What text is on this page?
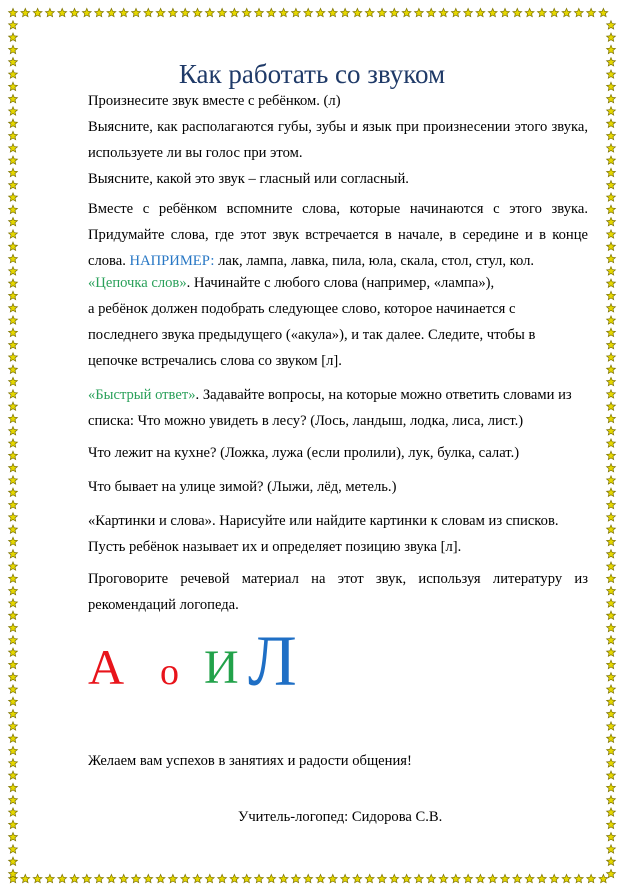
Как работать со звуком
Произнесите звук вместе с ребёнком. (л)
Выясните, как располагаются губы, зубы и язык при произнесении этого звука, используете ли вы голос при этом.
Выясните, какой это звук – гласный или согласный.
Вместе с ребёнком вспомните слова, которые начинаются с этого звука. Придумайте слова, где этот звук встречается в начале, в середине и в конце слова. НАПРИМЕР: лак, лампа, лавка, пила, юла, скала, стол, стул, кол.
«Цепочка слов». Начинайте с любого слова (например, «лампа»),
а ребёнок должен подобрать следующее слово, которое начинается с последнего звука предыдущего («акула»), и так далее. Следите, чтобы в цепочке встречались слова со звуком [л].
«Быстрый ответ». Задавайте вопросы, на которые можно ответить словами из списка: Что можно увидеть в лесу? (Лось, ландыш, лодка, лиса, лист.)
Что лежит на кухне? (Ложка, лужа (если пролили), лук, булка, салат.)
Что бывает на улице зимой? (Лыжи, лёд, метель.)
«Картинки и слова». Нарисуйте или найдите картинки к словам из списков. Пусть ребёнок называет их и определяет позицию звука [л].
Проговорите речевой материал на этот звук, используя литературу из рекомендаций логопеда.
А о И Л
Желаем вам успехов в занятиях и радости общения!
Учитель-логопед: Сидорова С.В.
